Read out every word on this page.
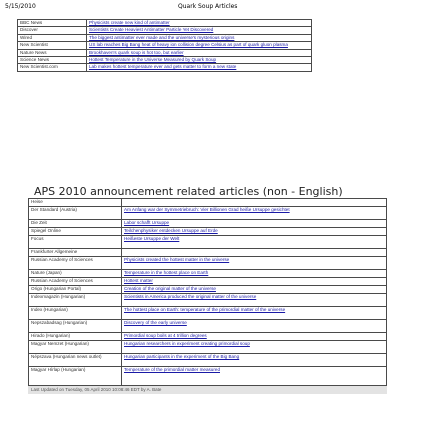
5/15/2010	Quark Soup Articles
BBC News	Physicists create new kind of antimatter
Discover	Scientists Create Heaviest Antimatter Particle Yet Discovered
Wired	The biggest antimatter ever made and the universe's mysterious origins
New Scientist	US lab reaches Big Bang heat of heavy ion collision degree Celsius as part of quark gluon plasma
Nature News	Brookhaven's quark soup is hot too, but earlier
Science News	Hottest Temperature in the Universe Measured by Quark Soup
New Scientist.com	Lab makes hottest temperature ever and gets matter to form a new state
APS 2010 announcement related articles (non - English)
Heise	
Der Standard (Austria)	Am Anfang war der Symmetriebruch: Vier Billionen Grad heiße Ursuppe gesichtet
Die Zeit	Labor schafft Ursuppe
Spiegel Online	Teilchenphysiker entdecken Ursuppe auf Erde
Focus	Heißeste Ursuppe der Welt
Frankfurter Allgemeine	
Russian Academy of Sciences	Physicists created the hottest matter in the universe
Nature (Japan)	Temperature in the hottest place on Earth
Russian Academy of Sciences	Hottest matter
Origo (Hungarian Portal)	Creation of the original matter of the universe
Indexmagazin (Hungarian)	Scientists in America produced the original matter of the universe
Index (Hungarian)	The hottest place on Earth: temperature of the primordial matter of the universe
Nepszabadsag (Hungarian)	Discovery of the early universe
Hirado (Hungarian)	Primordial soup boils at 4 trillion degrees
Magyar Nemzet (Hungarian)	Hungarian researchers in experiment creating primordial soup
Népszava (Hungarian news outlet)	Hungarian participants in the experiment of the Big Bang
Magyar Hírlap (Hungarian)	Temperature of the primordial matter measured
Last Updated on Tuesday, 05 April 2010 10:08:46 EDT by A. Bate
